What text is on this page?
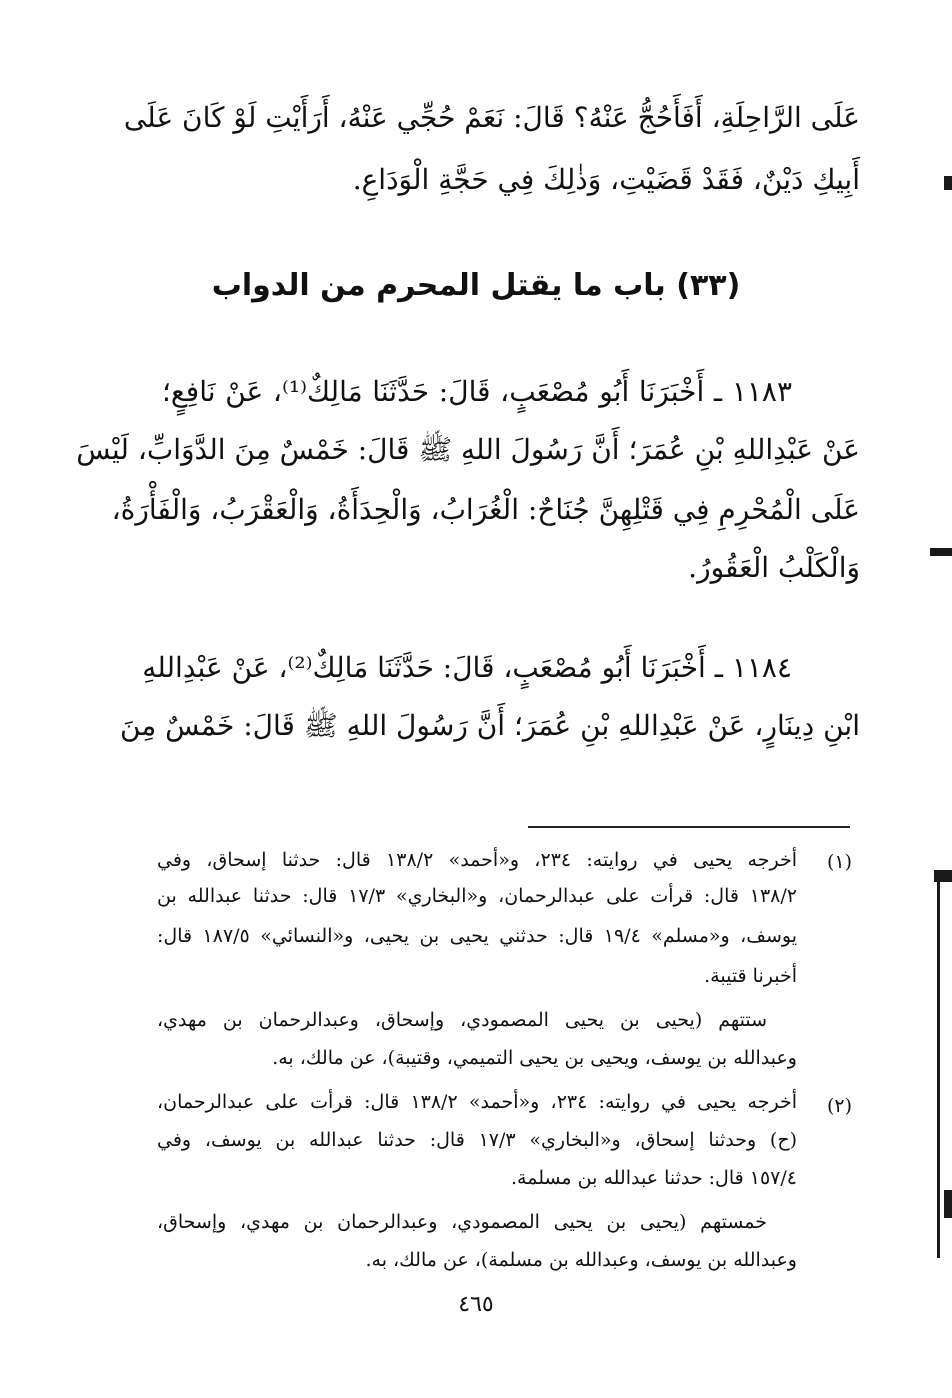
عَلَى الرَّاحِلَةِ، أَفَأَحُجُّ عَنْهُ؟ قَالَ: نَعَمْ حُجِّي عَنْهُ، أَرَأَيْتِ لَوْ كَانَ عَلَى
أَبِيكِ دَيْنٌ، فَقَدْ قَضَيْتِ، وَذٰلِكَ فِي حَجَّةِ الْوَدَاعِ.
(٣٣) باب ما يقتل المحرم من الدواب
١١٨٣ ـ أَخْبَرَنَا أَبُو مُصْعَبٍ، قَالَ: حَدَّثَنَا مَالِكٌ⁽¹⁾، عَنْ نَافِعٍ؛
عَنْ عَبْدِاللهِ بْنِ عُمَرَ؛ أَنَّ رَسُولَ اللهِ ﷺ قَالَ: خَمْسٌ مِنَ الدَّوَابِّ، لَيْسَ
عَلَى الْمُحْرِمِ فِي قَتْلِهِنَّ جُنَاحٌ: الْغُرَابُ، وَالْحِدَأَةُ، وَالْعَقْرَبُ، وَالْفَأْرَةُ،
وَالْكَلْبُ الْعَقُورُ.
١١٨٤ ـ أَخْبَرَنَا أَبُو مُصْعَبٍ، قَالَ: حَدَّثَنَا مَالِكٌ⁽²⁾، عَنْ عَبْدِاللهِ
ابْنِ دِينَارٍ، عَنْ عَبْدِاللهِ بْنِ عُمَرَ؛ أَنَّ رَسُولَ اللهِ ﷺ قَالَ: خَمْسٌ مِنَ
(١)
أخرجه يحيى في روايته: ٢٣٤، و«أحمد» ١٣٨/٢ قال: حدثنا إسحاق، وفي
١٣٨/٢ قال: قرأت على عبدالرحمان، و«البخاري» ١٧/٣ قال: حدثنا عبدالله بن
يوسف، و«مسلم» ١٩/٤ قال: حدثني يحيى بن يحيى، و«النسائي» ١٨٧/٥ قال:
أخبرنا قتيبة.
ستتهم (يحيى بن يحيى المصمودي، وإسحاق، وعبدالرحمان بن مهدي،
وعبدالله بن يوسف، ويحيى بن يحيى التميمي، وقتيبة)، عن مالك، به.
(٢)
أخرجه يحيى في روايته: ٢٣٤، و«أحمد» ١٣٨/٢ قال: قرأت على عبدالرحمان،
(ح) وحدثنا إسحاق، و«البخاري» ١٧/٣ قال: حدثنا عبدالله بن يوسف، وفي
١٥٧/٤ قال: حدثنا عبدالله بن مسلمة.
خمستهم (يحيى بن يحيى المصمودي، وعبدالرحمان بن مهدي، وإسحاق،
وعبدالله بن يوسف، وعبدالله بن مسلمة)، عن مالك، به.
٤٦٥
